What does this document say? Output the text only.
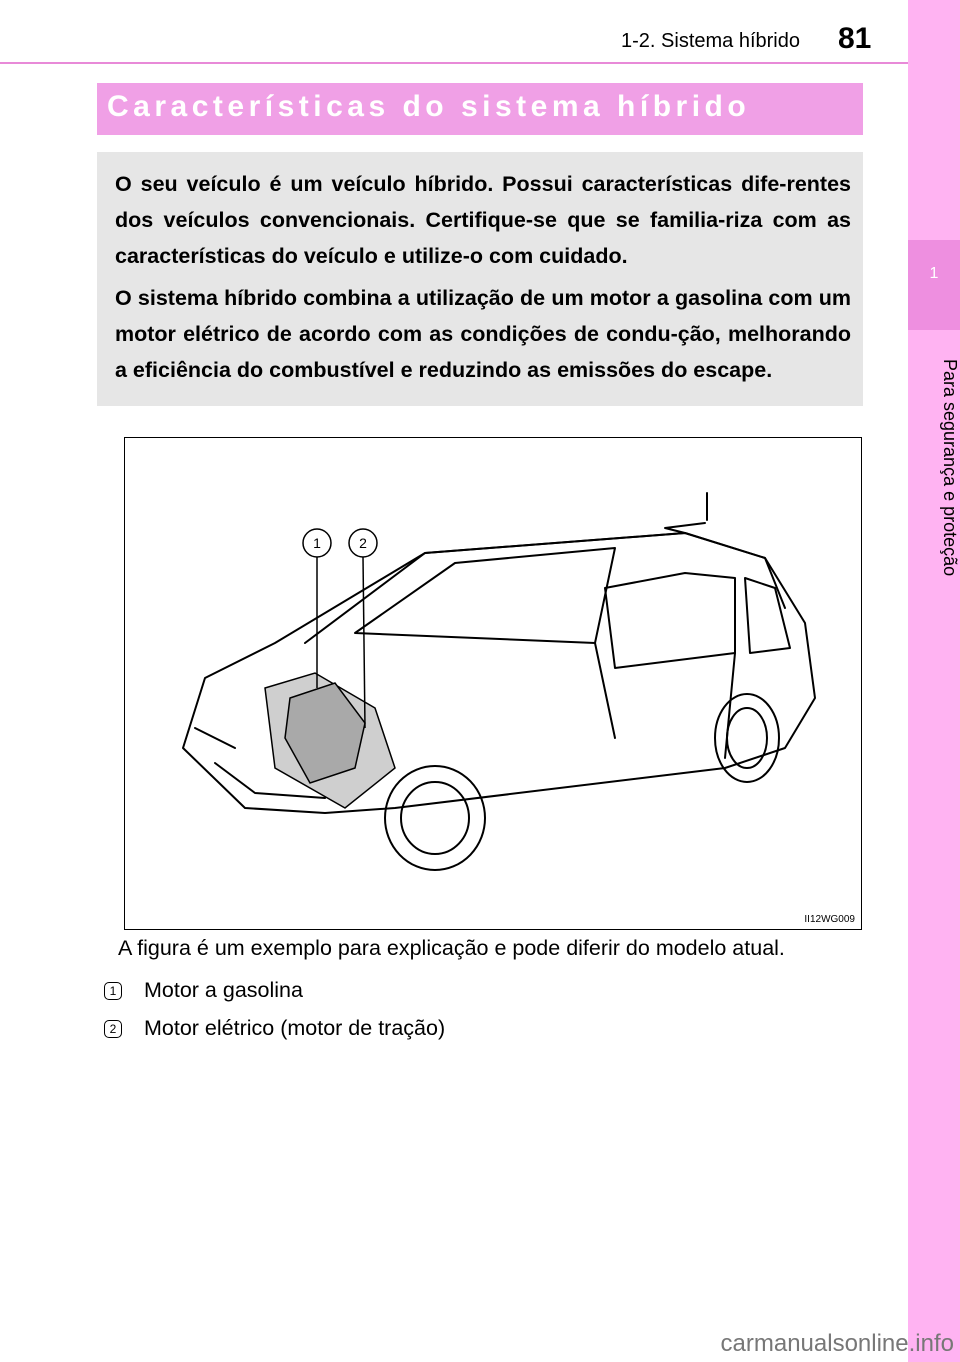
1-2. Sistema híbrido 81
1
Para segurança e proteção
Características do sistema híbrido

O seu veículo é um veículo híbrido. Possui características dife-rentes dos veículos convencionais. Certifique-se que se familia-riza com as características do veículo e utilize-o com cuidado.

O sistema híbrido combina a utilização de um motor a gasolina com um motor elétrico de acordo com as condições de condu-ção, melhorando a eficiência do combustível e reduzindo as emissões do escape.

1	2
II12WG009
A figura é um exemplo para explicação e pode diferir do modelo atual.
1 Motor a gasolina
2 Motor elétrico (motor de tração)
carmanualsonline.info
